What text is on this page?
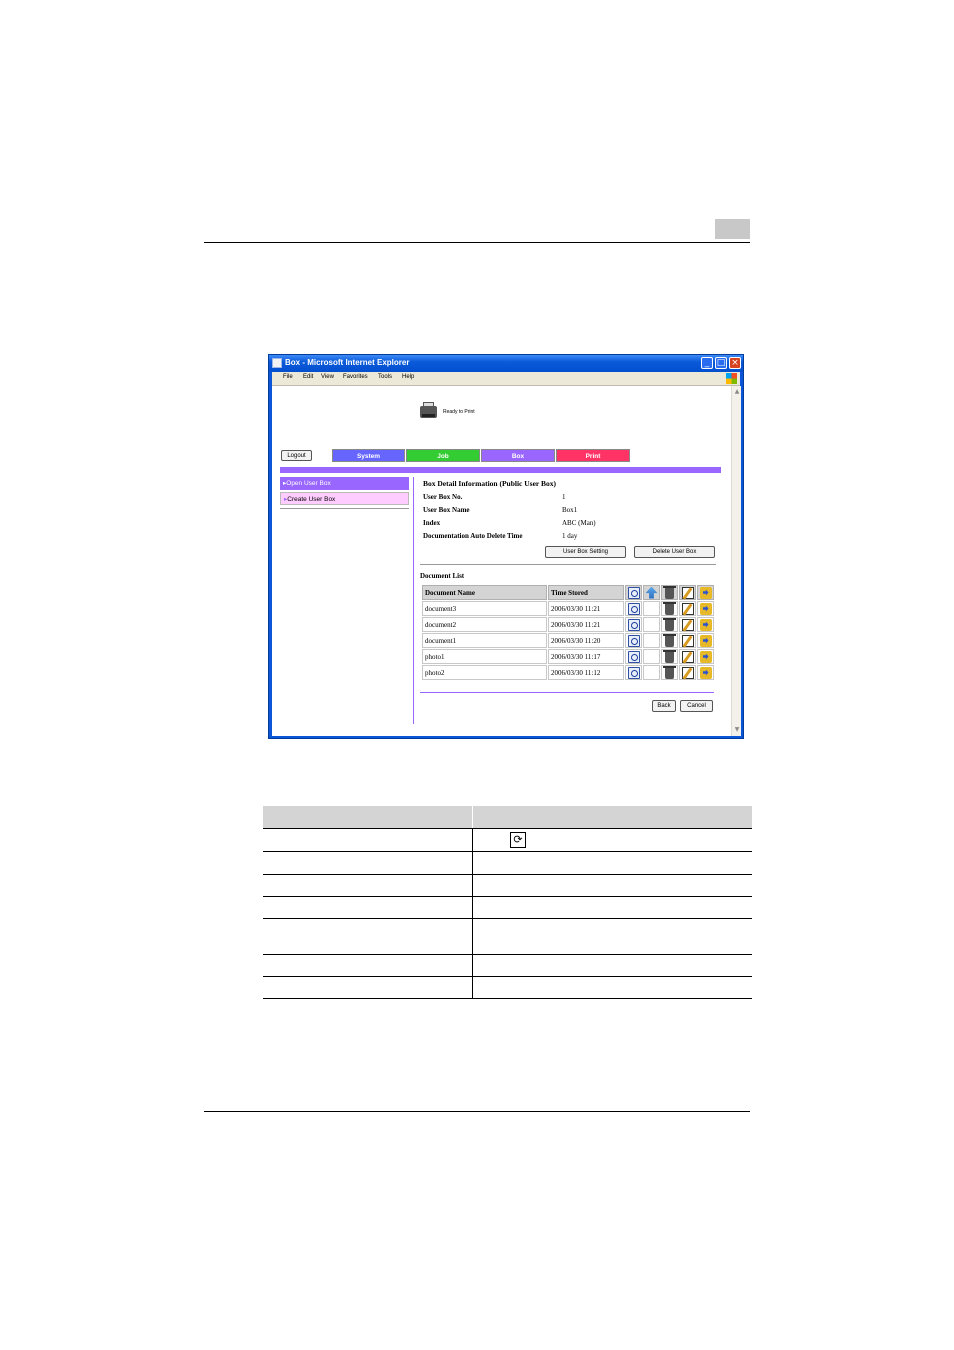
Box - Microsoft Internet Explorer	_ □ ×
File Edit View Favorites Tools Help
Ready to Print
Logout	System	Job	Box	Print
▸Open User Box
▸Create User Box
Box Detail Information (Public User Box)
User Box No.	1
User Box Name	Box1
Index	ABC (Man)
Documentation Auto Delete Time	1 day
User Box Setting	Delete User Box
Document List
Document Name	Time Stored					
document3	2006/03/30 11:21					
document2	2006/03/30 11:21					
document1	2006/03/30 11:20					
photo1	2006/03/30 11:17					
photo2	2006/03/30 11:12					
Back	Cancel
▲
▼
⟳
